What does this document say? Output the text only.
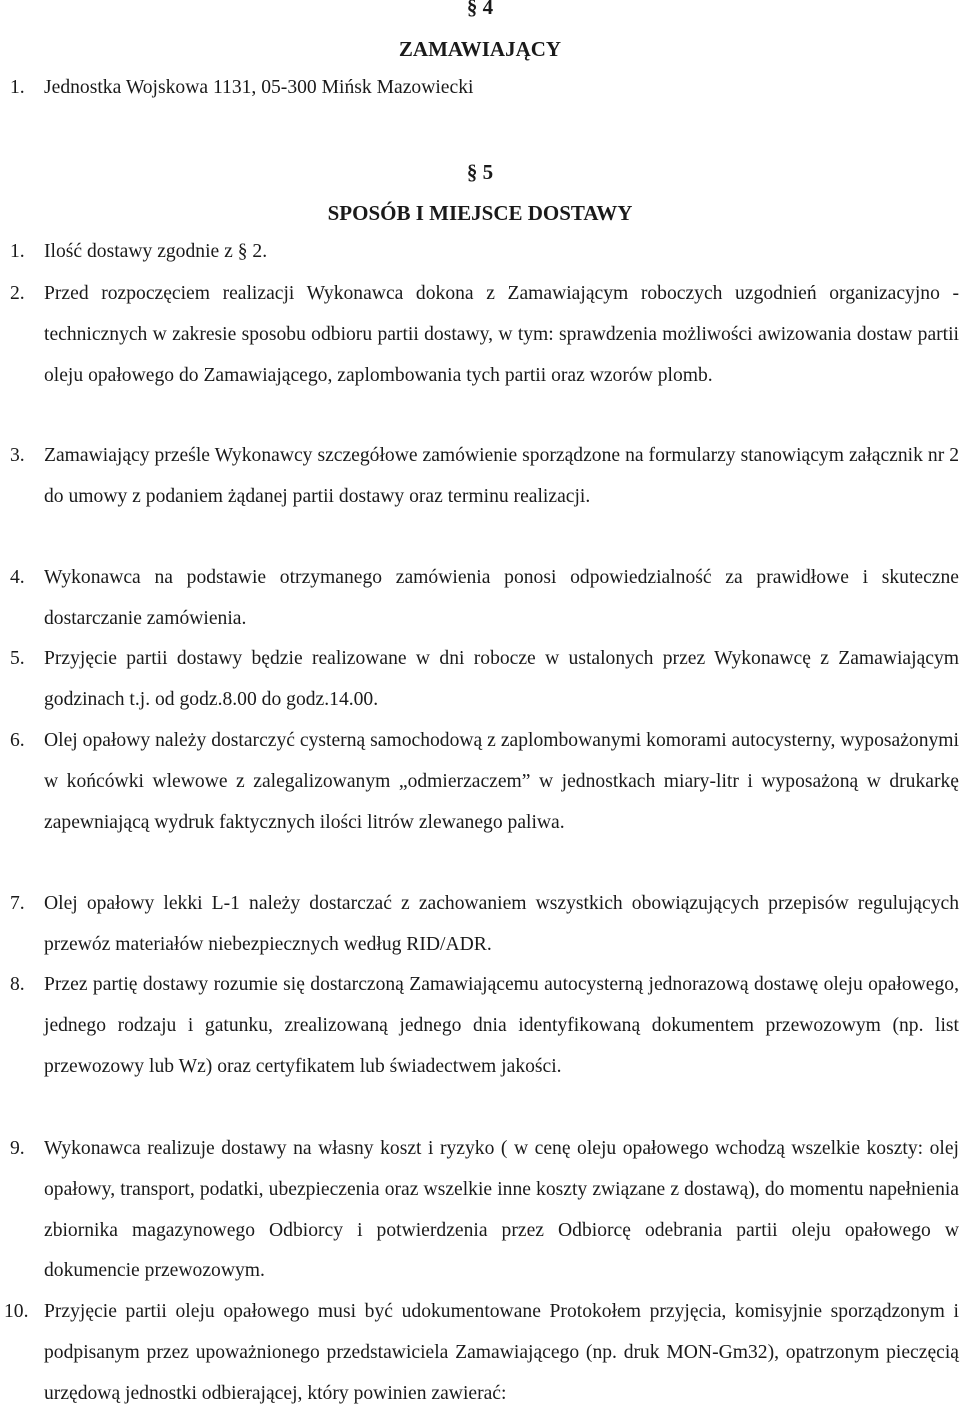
§ 4
ZAMAWIAJĄCY
1. Jednostka Wojskowa 1131, 05-300 Mińsk Mazowiecki
§ 5
SPOSÓB I MIEJSCE DOSTAWY
1. Ilość dostawy zgodnie z § 2.
2. Przed rozpoczęciem realizacji Wykonawca dokona z Zamawiającym roboczych uzgodnień organizacyjno - technicznych w zakresie sposobu odbioru partii dostawy, w tym: sprawdzenia możliwości awizowania dostaw partii oleju opałowego do Zamawiającego, zaplombowania tych partii oraz wzorów plomb.
3. Zamawiający prześle Wykonawcy szczegółowe zamówienie sporządzone na formularzy stanowiącym załącznik nr 2 do umowy z podaniem żądanej partii dostawy oraz terminu realizacji.
4. Wykonawca na podstawie otrzymanego zamówienia ponosi odpowiedzialność za prawidłowe i skuteczne dostarczanie zamówienia.
5. Przyjęcie partii dostawy będzie realizowane w dni robocze w ustalonych przez Wykonawcę z Zamawiającym godzinach t.j. od godz.8.00 do godz.14.00.
6. Olej opałowy należy dostarczyć cysterną samochodową z zaplombowanymi komorami autocysterny, wyposażonymi w końcówki wlewowe z zalegalizowanym „odmierzaczem” w jednostkach miary-litr i wyposażoną w drukarkę zapewniającą wydruk faktycznych ilości litrów zlewanego paliwa.
7. Olej opałowy lekki L-1 należy dostarczać z zachowaniem wszystkich obowiązujących przepisów regulujących przewóz materiałów niebezpiecznych według RID/ADR.
8. Przez partię dostawy rozumie się dostarczoną Zamawiającemu autocysterną jednorazową dostawę oleju opałowego, jednego rodzaju i gatunku, zrealizowaną jednego dnia identyfikowaną dokumentem przewozowym (np. list przewozowy lub Wz) oraz certyfikatem lub świadectwem jakości.
9. Wykonawca realizuje dostawy na własny koszt i ryzyko ( w cenę oleju opałowego wchodzą wszelkie koszty: olej opałowy, transport, podatki, ubezpieczenia oraz wszelkie inne koszty związane z dostawą), do momentu napełnienia zbiornika magazynowego Odbiorcy i potwierdzenia przez Odbiorcę odebrania partii oleju opałowego w dokumencie przewozowym.
10. Przyjęcie partii oleju opałowego musi być udokumentowane Protokołem przyjęcia, komisyjnie sporządzonym i podpisanym przez upoważnionego przedstawiciela Zamawiającego (np. druk MON-Gm32), opatrzonym pieczęcią urzędową jednostki odbierającej, który powinien zawierać:
